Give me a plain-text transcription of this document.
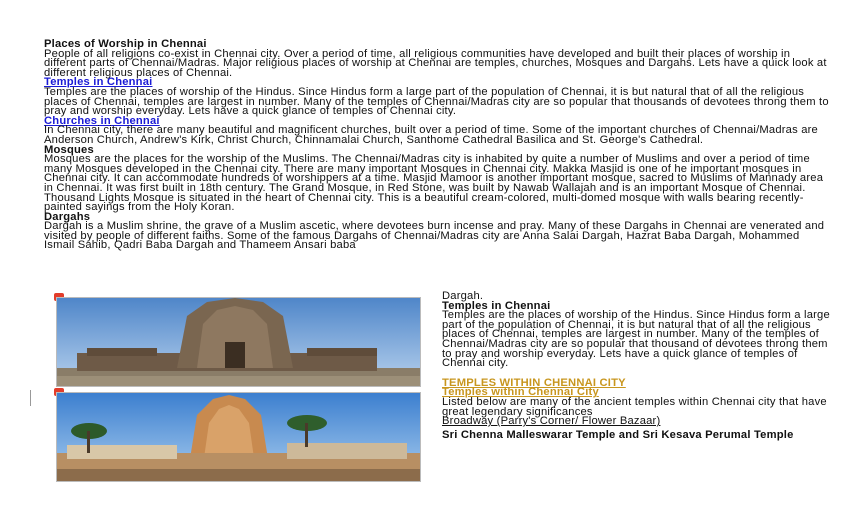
Places of Worship in Chennai

People of all religions co-exist in Chennai city. Over a period of time, all religious communities have developed and built their places of worship in different parts of Chennai/Madras. Major religious places of worship at Chennai are temples, churches, Mosques and Dargahs. Lets have a quick look at different religious places of Chennai.

Temples in Chennai

Temples are the places of worship of the Hindus. Since Hindus form a large part of the population of Chennai, it is but natural that of all the religious places of Chennai, temples are largest in number. Many of the temples of Chennai/Madras city are so popular that thousands of devotees throng them to pray and worship everyday. Lets have a quick glance of temples of Chennai city.

Churches in Chennai

In Chennai city, there are many beautiful and magnificent churches, built over a period of time. Some of the important churches of Chennai/Madras are Anderson Church, Andrew's Kirk, Christ Church, Chinnamalai Church, Santhome Cathedral Basilica and St. George's Cathedral.

Mosques

Mosques are the places for the worship of the Muslims. The Chennai/Madras city is inhabited by quite a number of Muslims and over a period of time many Mosques developed in the Chennai city. There are many important Mosques in Chennai city. Makka Masjid is one of he important mosques in Chennai city. It can accommodate hundreds of worshippers at a time. Masjid Mamoor is another important mosque, sacred to Muslims of Mannady area in Chennai. It was first built in 18th century. The Grand Mosque, in Red Stone, was built by Nawab Wallajah and is an important Mosque of Chennai. Thousand Lights Mosque is situated in the heart of Chennai city. This is a beautiful cream-colored, multi-domed mosque with walls bearing recently- painted sayings from the Holy Koran.

Dargahs

Dargah is a Muslim shrine, the grave of a Muslim ascetic, where devotees burn incense and pray. Many of these Dargahs in Chennai are venerated and visited by people of different faiths. Some of the famous Dargahs of Chennai/Madras city are Anna Salai Dargah, Hazrat Baba Dargah, Mohammed Ismail Sahib, Qadri Baba Dargah and Thameem Ansari baba

Dargah.

Temples in Chennai

Temples are the places of worship of the Hindus. Since Hindus form a large part of the population of Chennai, it is but natural that of all the religious places of Chennai, temples are largest in number. Many of the temples of Chennai/Madras city are so popular that thousand of devotees throng them to pray and worship everyday. Lets have a quick glance of temples of Chennai city.

TEMPLES WITHIN CHENNAI CITY

Temples within Chennai City

Listed below are many of the ancient temples within Chennai city that have great legendary significances

Broadway (Parry's Corner/ Flower Bazaar)

Sri Chenna Malleswarar Temple and Sri Kesava Perumal Temple
